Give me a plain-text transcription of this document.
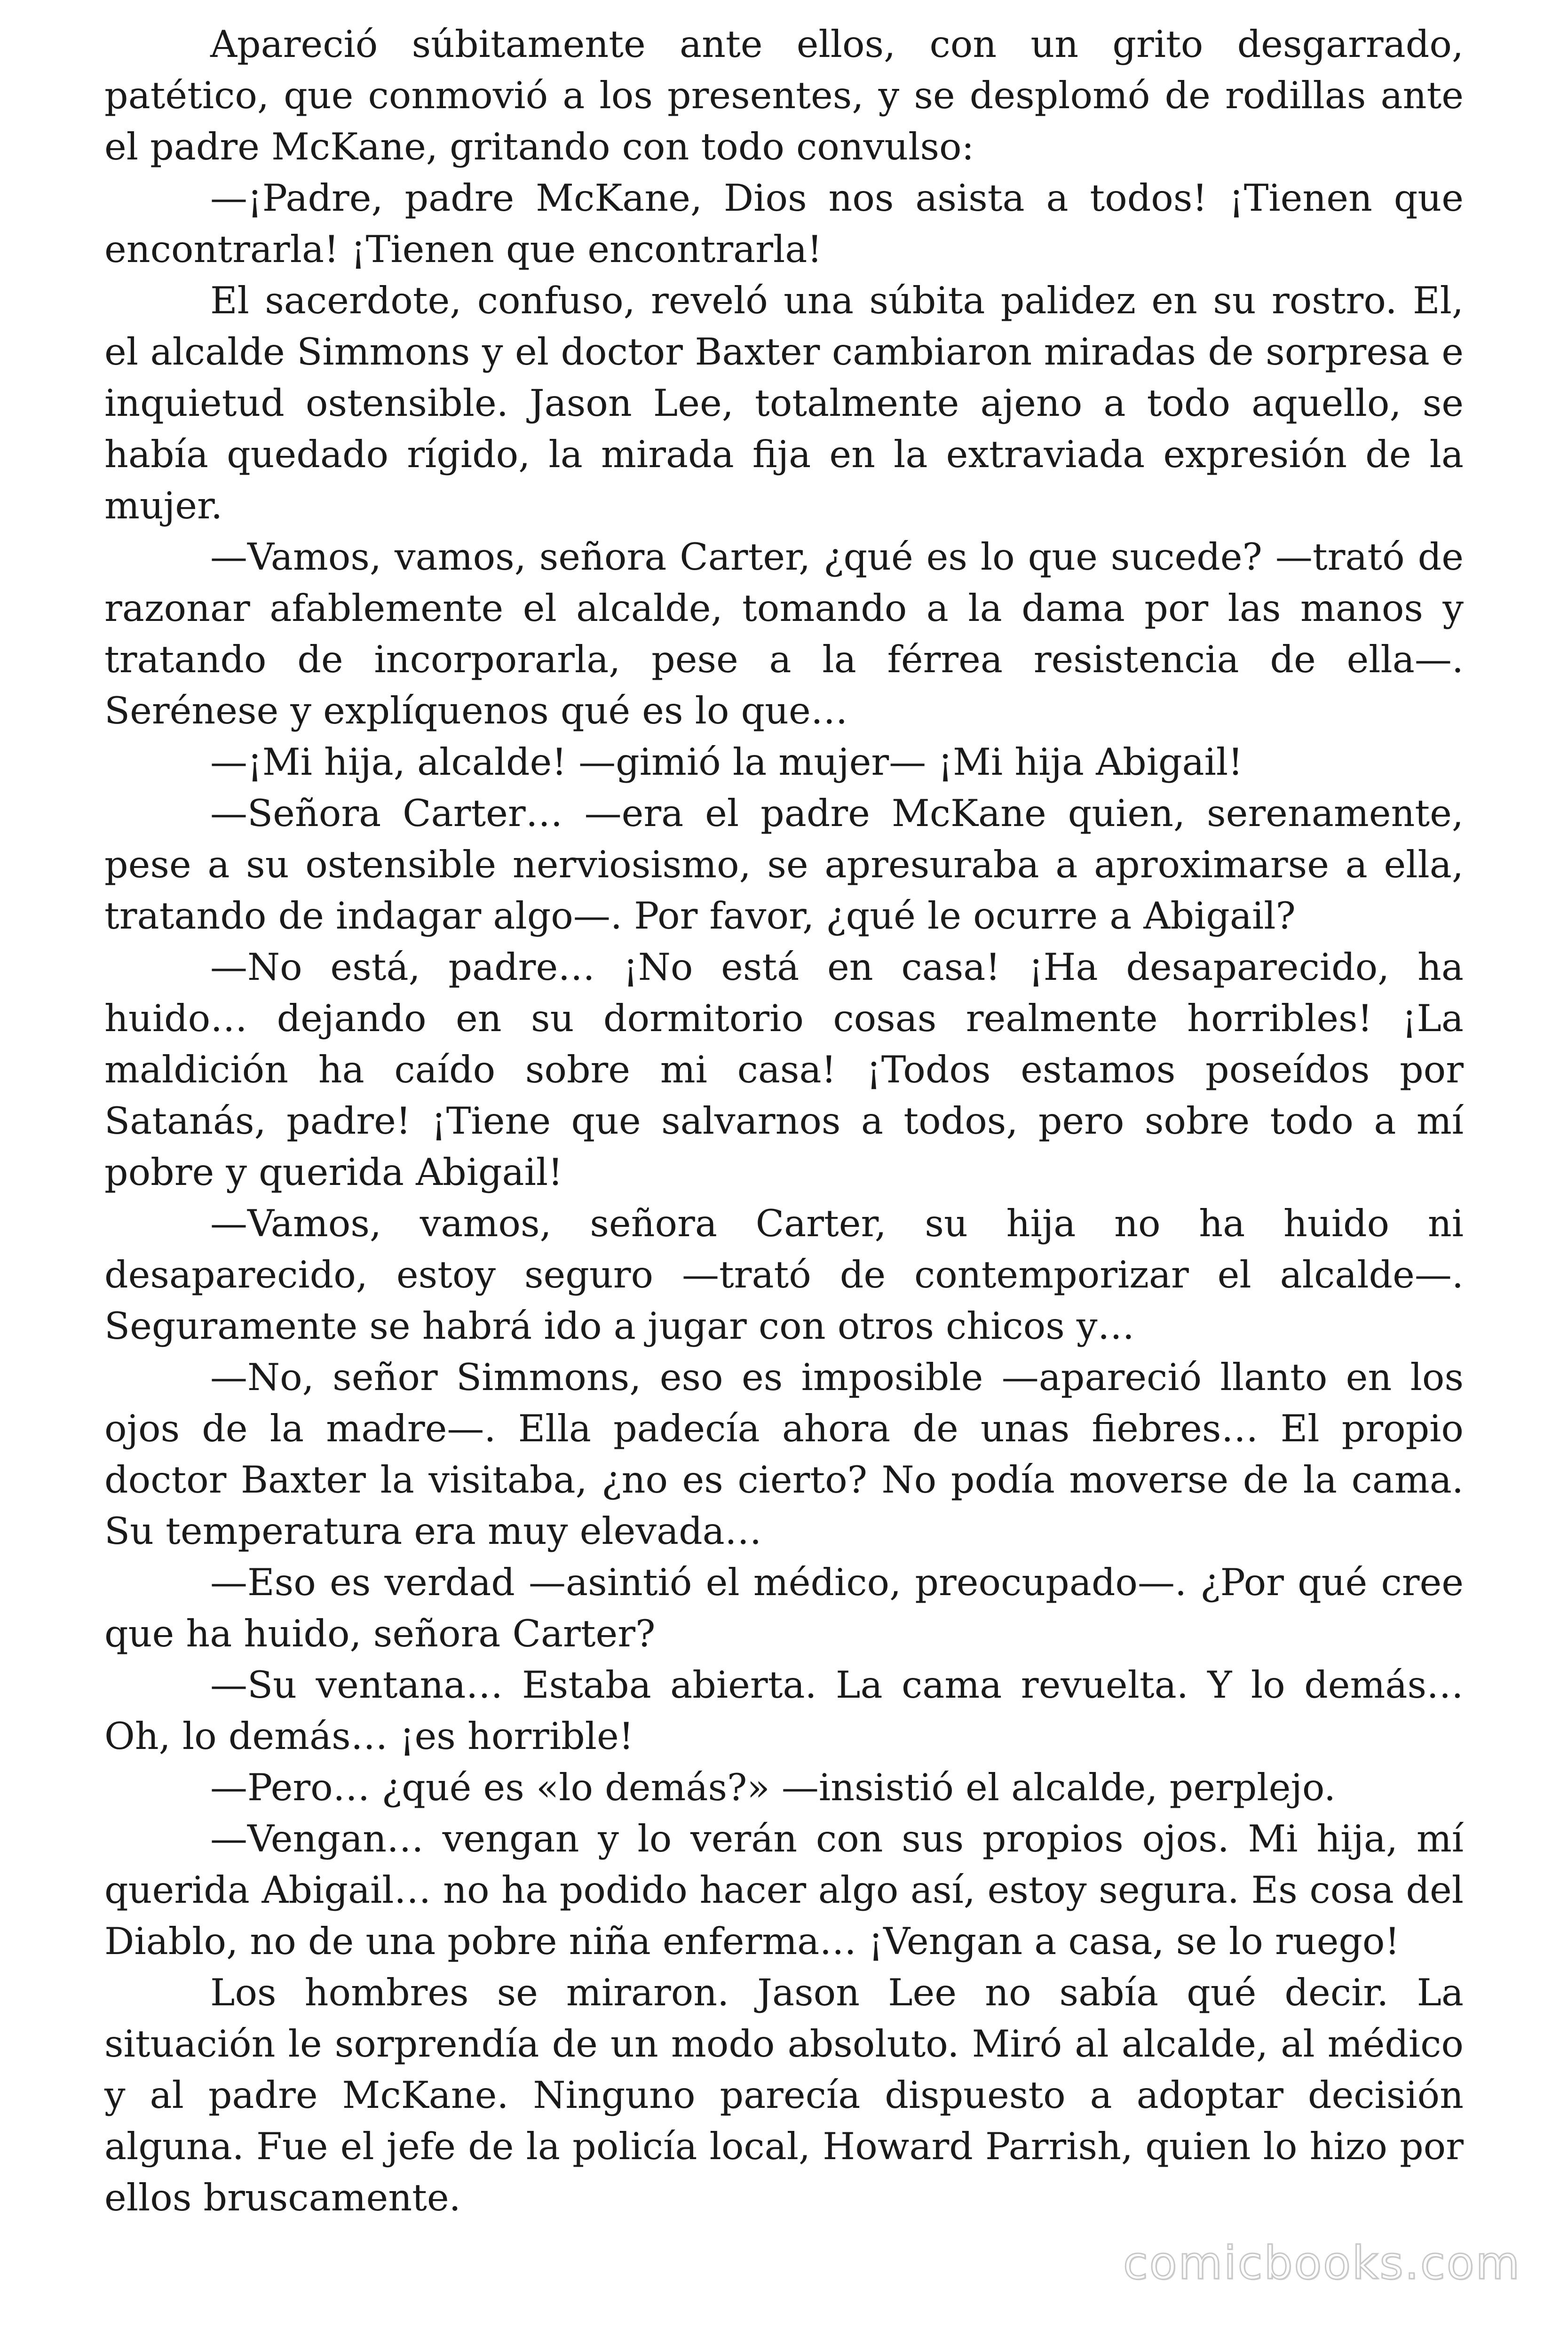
Apareció súbitamente ante ellos, con un grito desgarrado, patético, que conmovió a los presentes, y se desplomó de rodillas ante el padre McKane, gritando con todo convulso:

—¡Padre, padre McKane, Dios nos asista a todos! ¡Tienen que encontrarla! ¡Tienen que encontrarla!

El sacerdote, confuso, reveló una súbita palidez en su rostro. El, el alcalde Simmons y el doctor Baxter cambiaron miradas de sorpresa e inquietud ostensible. Jason Lee, totalmente ajeno a todo aquello, se había quedado rígido, la mirada fija en la extraviada expresión de la mujer.

—Vamos, vamos, señora Carter, ¿qué es lo que sucede? —trató de razonar afablemente el alcalde, tomando a la dama por las manos y tratando de incorporarla, pese a la férrea resistencia de ella—. Serénese y explíquenos qué es lo que…

—¡Mi hija, alcalde! —gimió la mujer— ¡Mi hija Abigail!

—Señora Carter… —era el padre McKane quien, serenamente, pese a su ostensible nerviosismo, se apresuraba a aproximarse a ella, tratando de indagar algo—. Por favor, ¿qué le ocurre a Abigail?

—No está, padre… ¡No está en casa! ¡Ha desaparecido, ha huido… dejando en su dormitorio cosas realmente horribles! ¡La maldición ha caído sobre mi casa! ¡Todos estamos poseídos por Satanás, padre! ¡Tiene que salvarnos a todos, pero sobre todo a mí pobre y querida Abigail!

—Vamos, vamos, señora Carter, su hija no ha huido ni desaparecido, estoy seguro —trató de contemporizar el alcalde—. Seguramente se habrá ido a jugar con otros chicos y…

—No, señor Simmons, eso es imposible —apareció llanto en los ojos de la madre—. Ella padecía ahora de unas fiebres… El propio doctor Baxter la visitaba, ¿no es cierto? No podía moverse de la cama. Su temperatura era muy elevada…

—Eso es verdad —asintió el médico, preocupado—. ¿Por qué cree que ha huido, señora Carter?

—Su ventana… Estaba abierta. La cama revuelta. Y lo demás… Oh, lo demás… ¡es horrible!

—Pero… ¿qué es «lo demás?» —insistió el alcalde, perplejo.

—Vengan… vengan y lo verán con sus propios ojos. Mi hija, mí querida Abigail… no ha podido hacer algo así, estoy segura. Es cosa del Diablo, no de una pobre niña enferma… ¡Vengan a casa, se lo ruego!

Los hombres se miraron. Jason Lee no sabía qué decir. La situación le sorprendía de un modo absoluto. Miró al alcalde, al médico y al padre McKane. Ninguno parecía dispuesto a adoptar decisión alguna. Fue el jefe de la policía local, Howard Parrish, quien lo hizo por ellos bruscamente.

comicbooks.com
